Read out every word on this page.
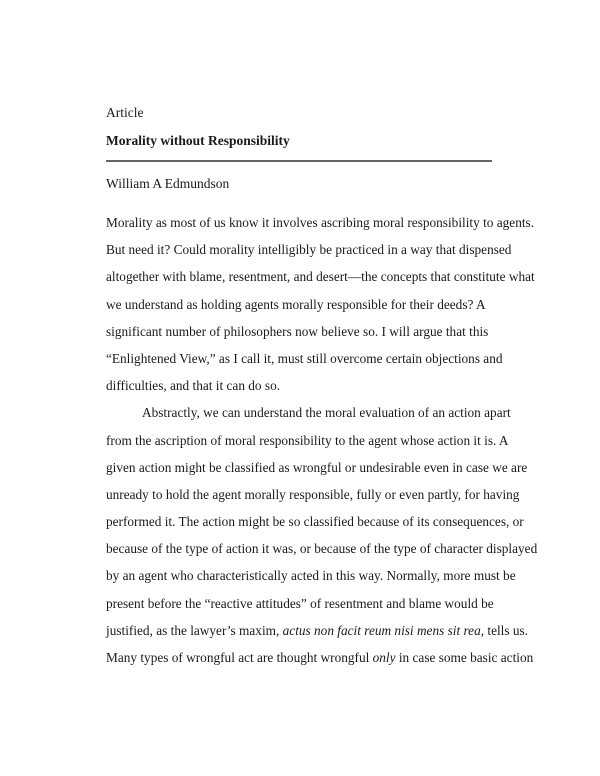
Article
Morality without Responsibility
William A Edmundson
Morality as most of us know it involves ascribing moral responsibility to agents.
But need it? Could morality intelligibly be practiced in a way that dispensed
altogether with blame, resentment, and desert—the concepts that constitute what
we understand as holding agents morally responsible for their deeds? A
significant number of philosophers now believe so. I will argue that this
“Enlightened View,” as I call it, must still overcome certain objections and
difficulties, and that it can do so.
Abstractly, we can understand the moral evaluation of an action apart
from the ascription of moral responsibility to the agent whose action it is. A
given action might be classified as wrongful or undesirable even in case we are
unready to hold the agent morally responsible, fully or even partly, for having
performed it. The action might be so classified because of its consequences, or
because of the type of action it was, or because of the type of character displayed
by an agent who characteristically acted in this way. Normally, more must be
present before the “reactive attitudes” of resentment and blame would be
justified, as the lawyer’s maxim, actus non facit reum nisi mens sit rea, tells us.
Many types of wrongful act are thought wrongful only in case some basic action
